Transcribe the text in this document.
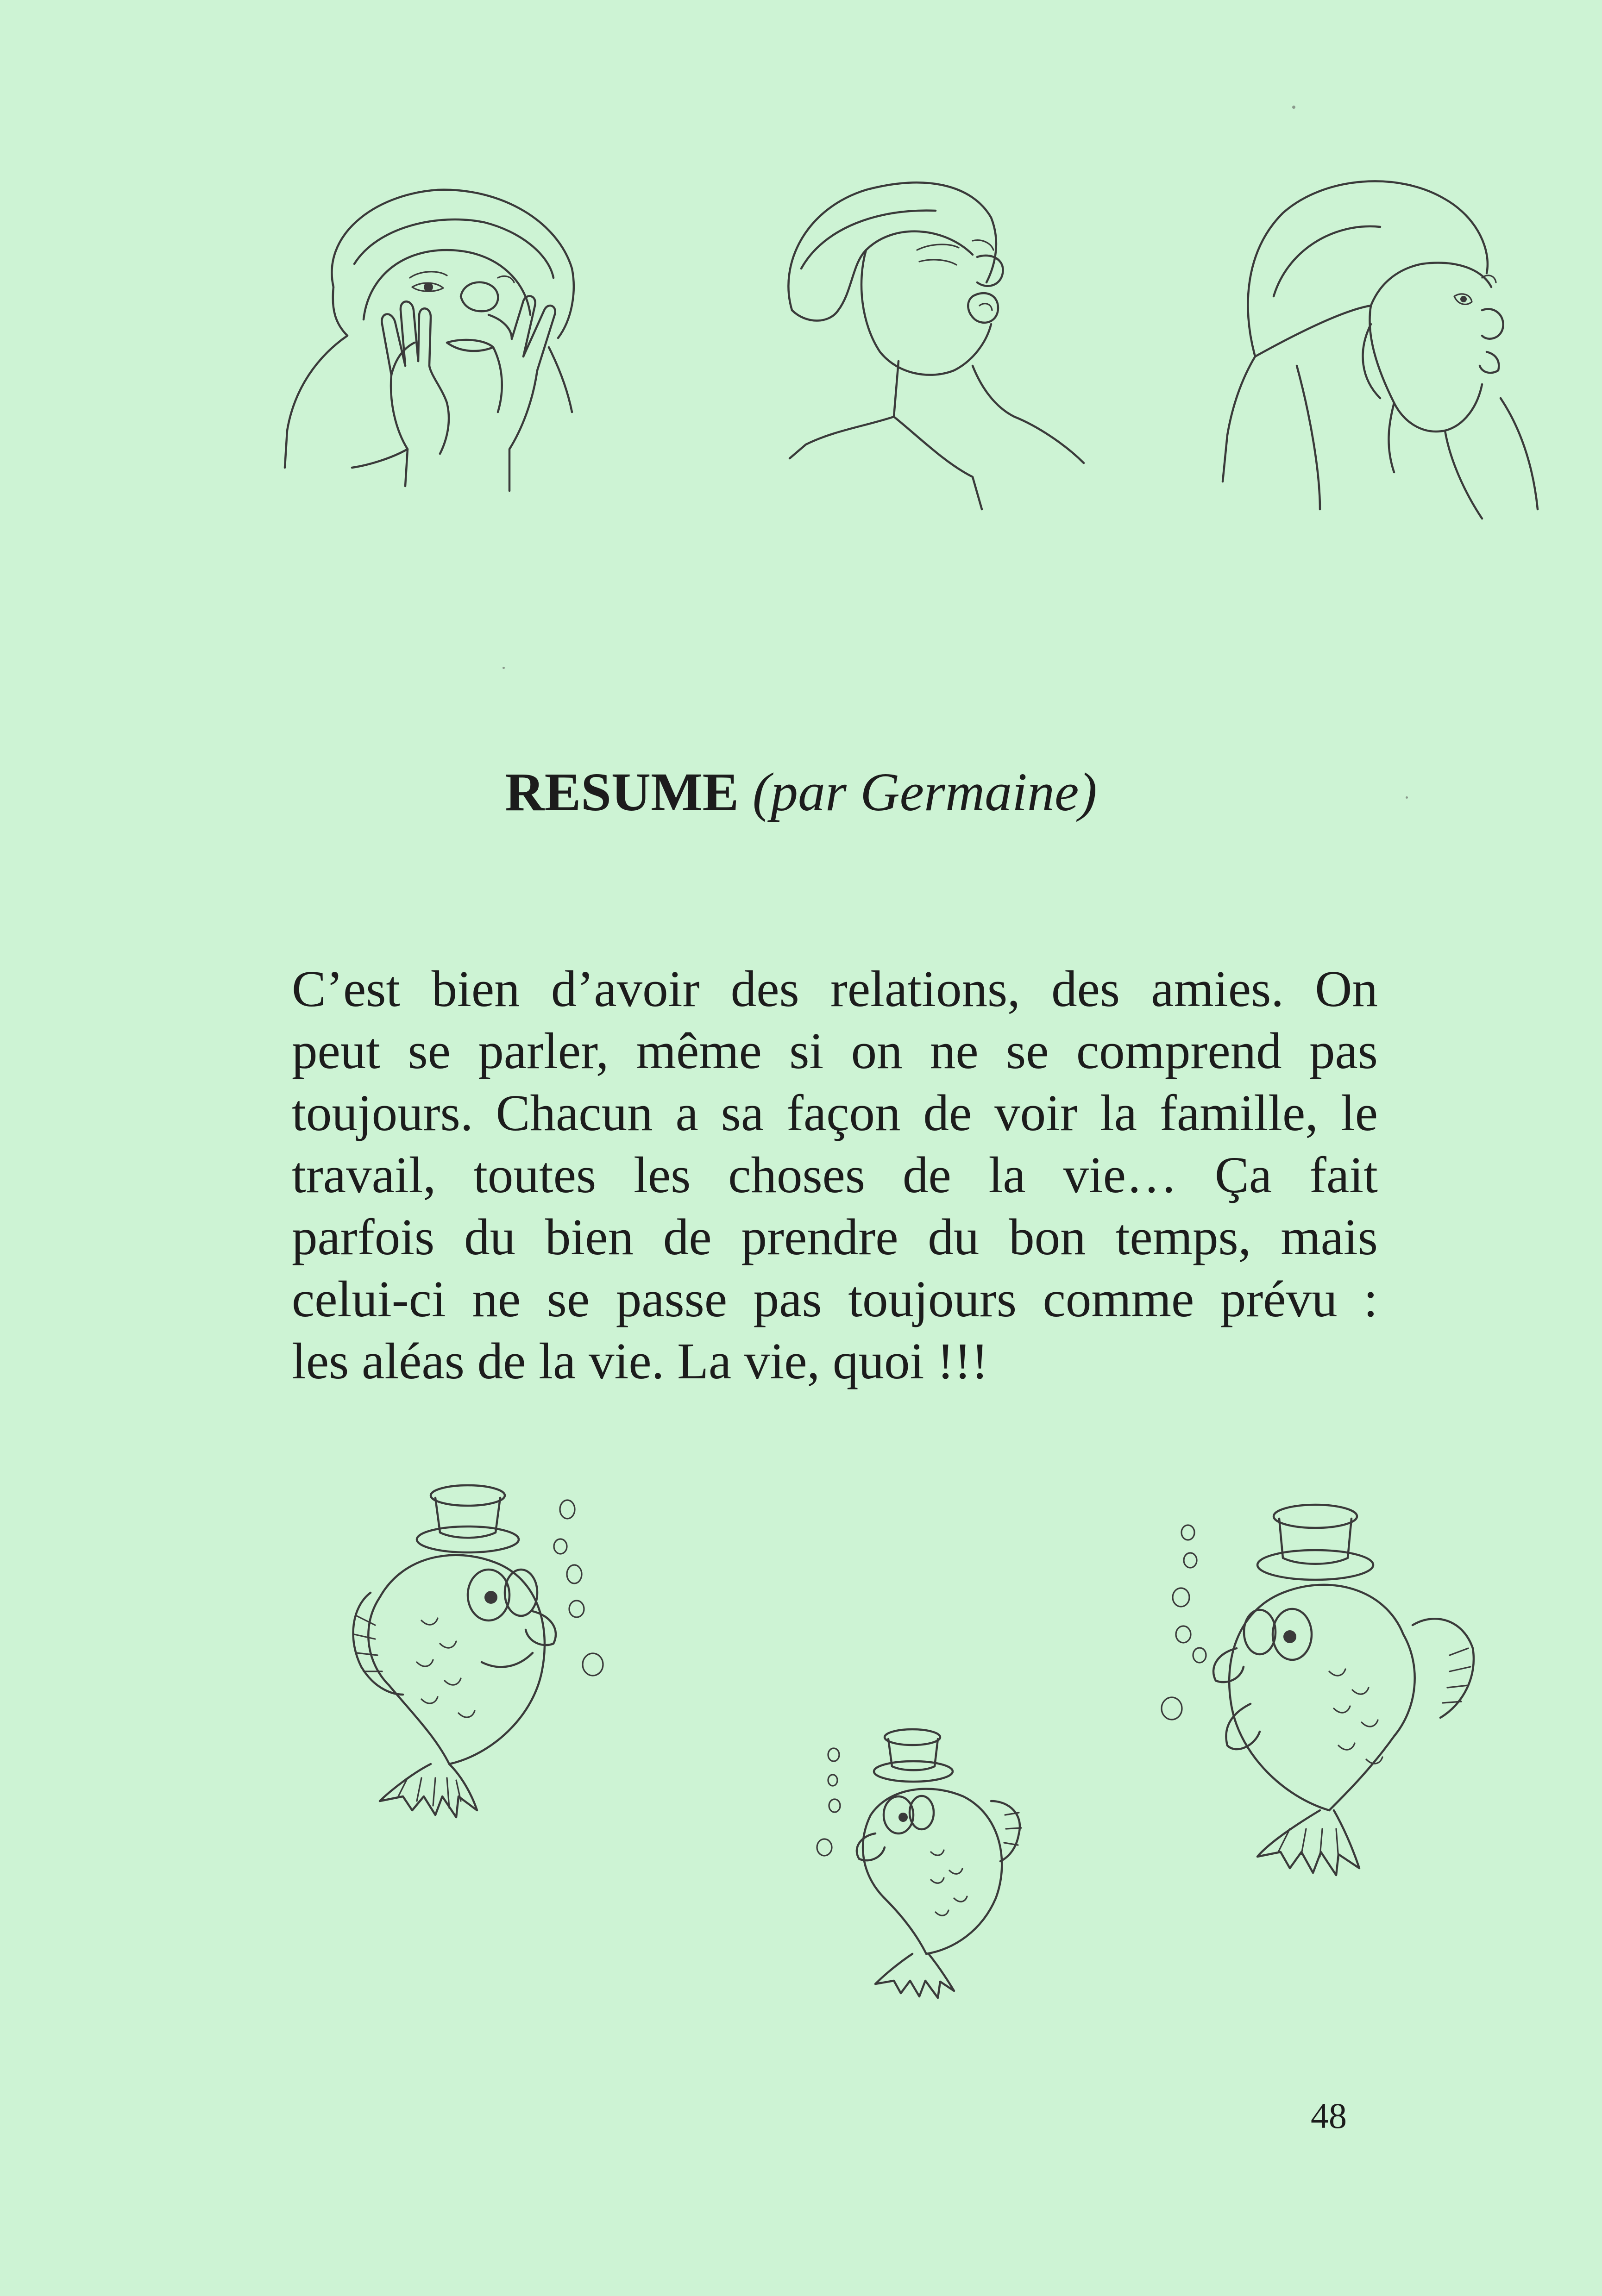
RESUME (par Germaine)
C’est bien d’avoir des relations, des amies. On
peut se parler, même si on ne se comprend pas
toujours. Chacun a sa façon de voir la famille, le
travail, toutes les choses de la vie… Ça fait
parfois du bien de prendre du bon temps, mais
celui-ci ne se passe pas toujours comme prévu :
les aléas de la vie. La vie, quoi !!!
48
